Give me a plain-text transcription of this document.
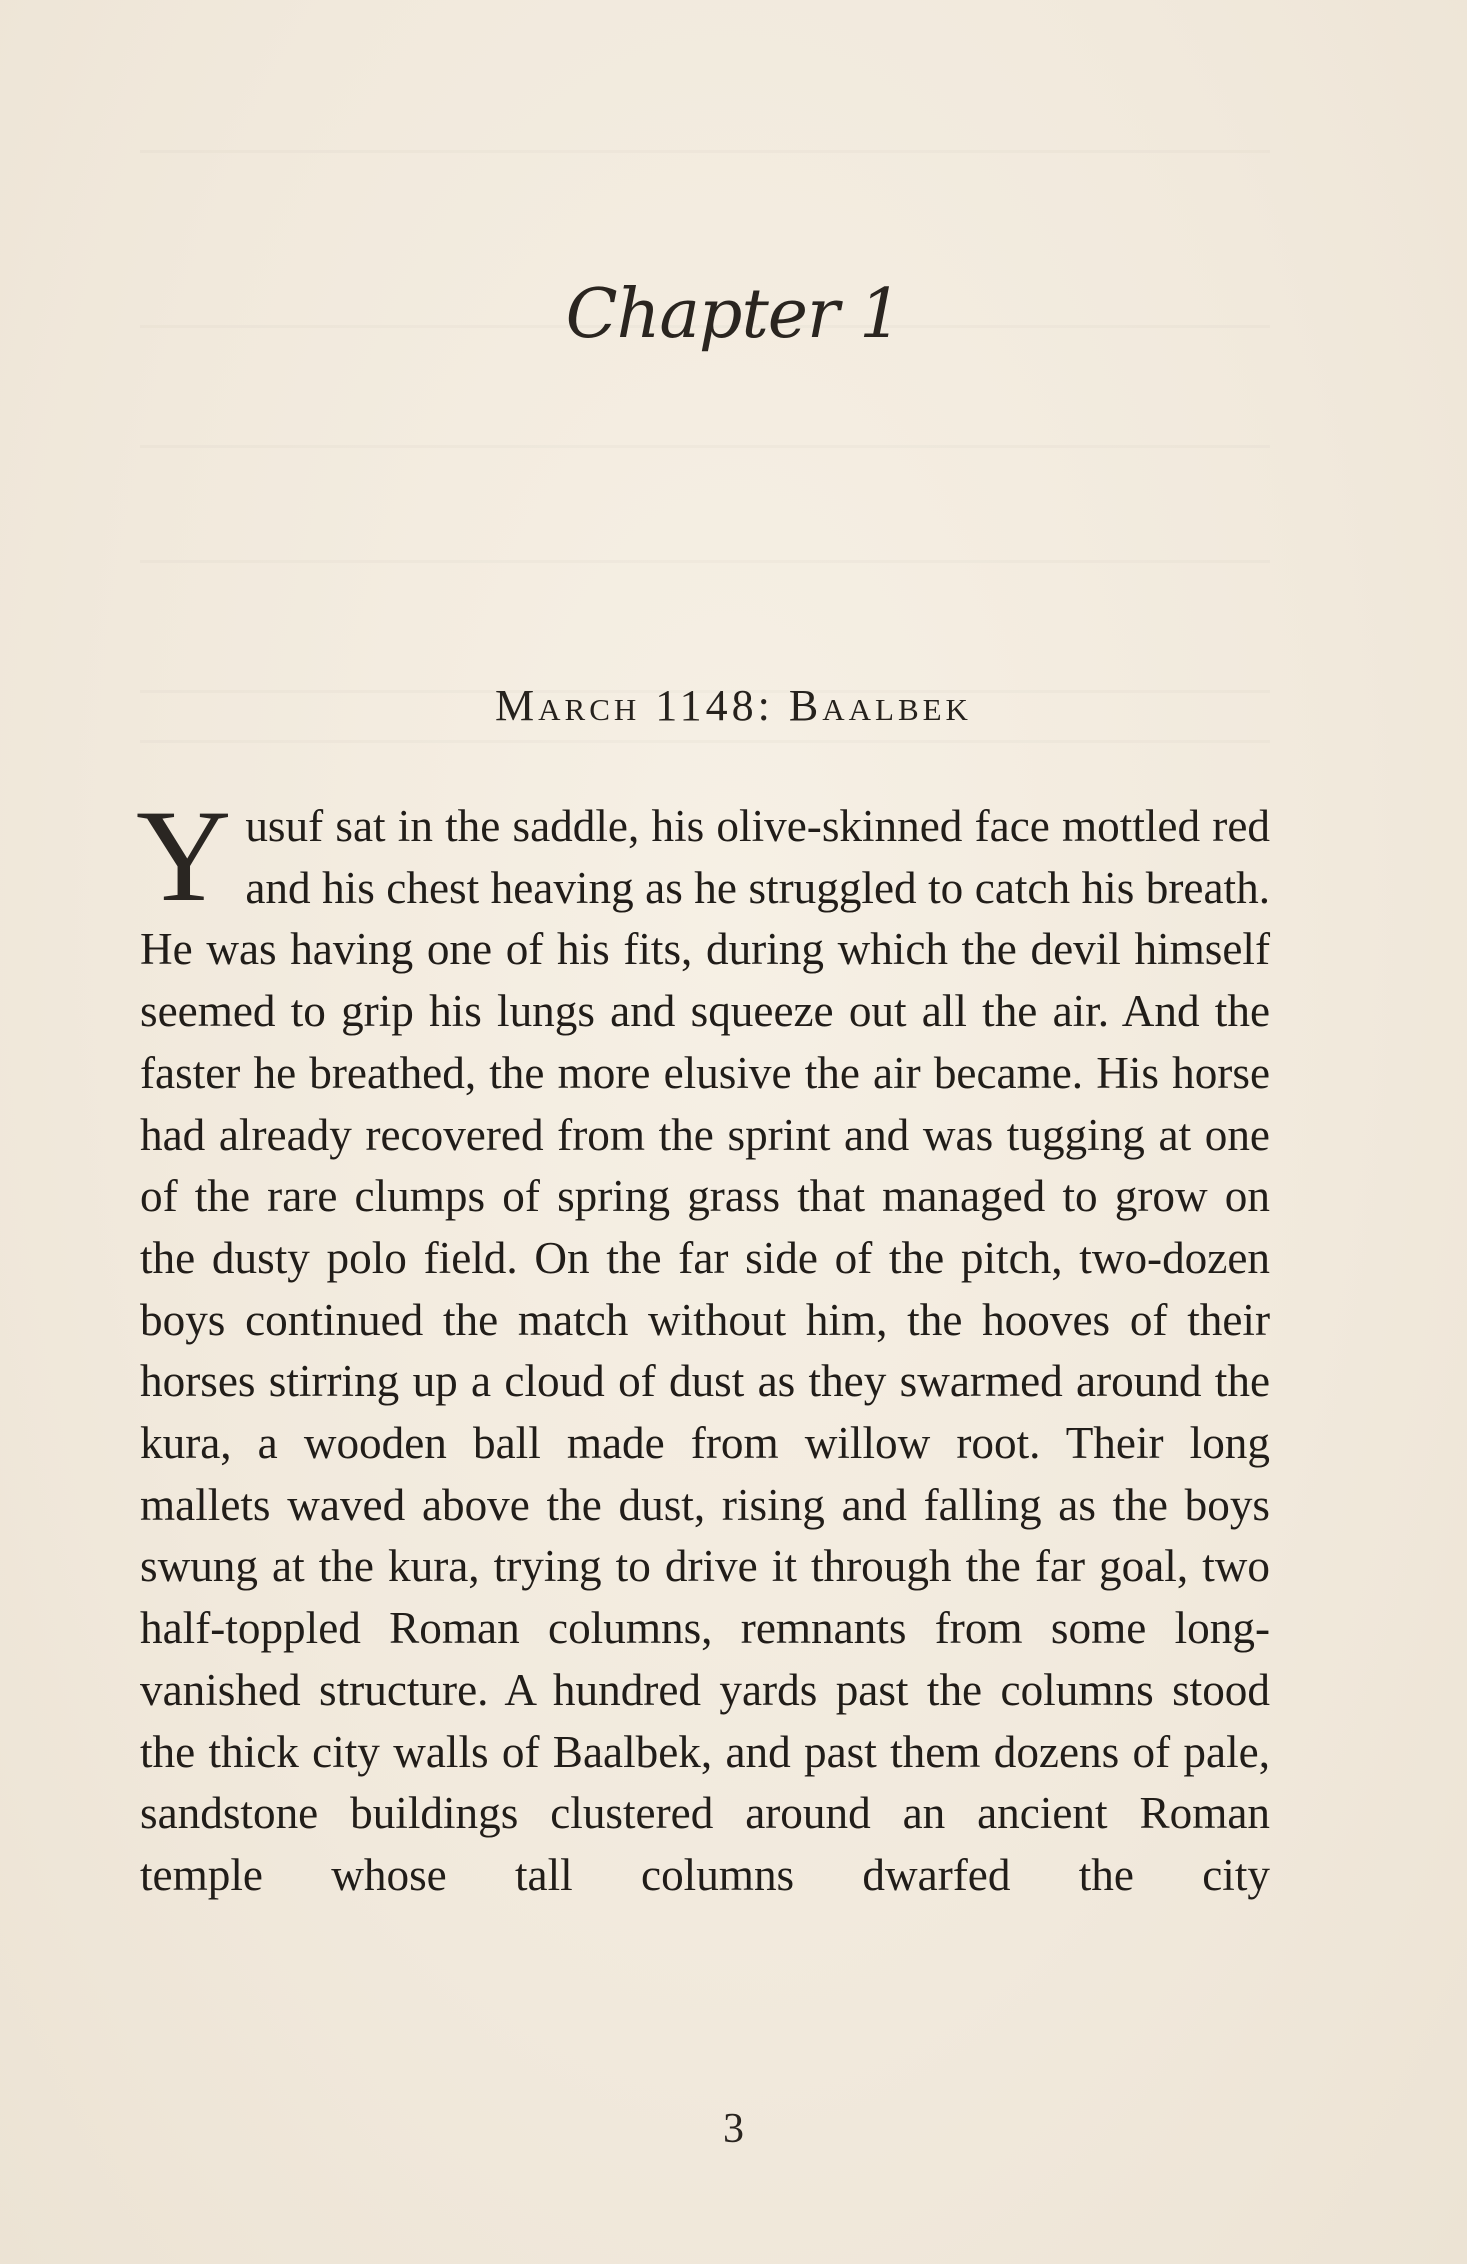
Chapter 1
March 1148: Baalbek
Yusuf sat in the saddle, his olive-skinned face mottled red and his chest heaving as he struggled to catch his breath. He was having one of his fits, during which the devil himself seemed to grip his lungs and squeeze out all the air. And the faster he breathed, the more elusive the air became. His horse had already recovered from the sprint and was tugging at one of the rare clumps of spring grass that managed to grow on the dusty polo field. On the far side of the pitch, two-dozen boys continued the match without him, the hooves of their horses stirring up a cloud of dust as they swarmed around the kura, a wooden ball made from willow root. Their long mallets waved above the dust, rising and falling as the boys swung at the kura, trying to drive it through the far goal, two half-toppled Roman columns, remnants from some long-vanished structure. A hundred yards past the columns stood the thick city walls of Baalbek, and past them dozens of pale, sandstone buildings clustered around an ancient Roman temple whose tall columns dwarfed the city
3
